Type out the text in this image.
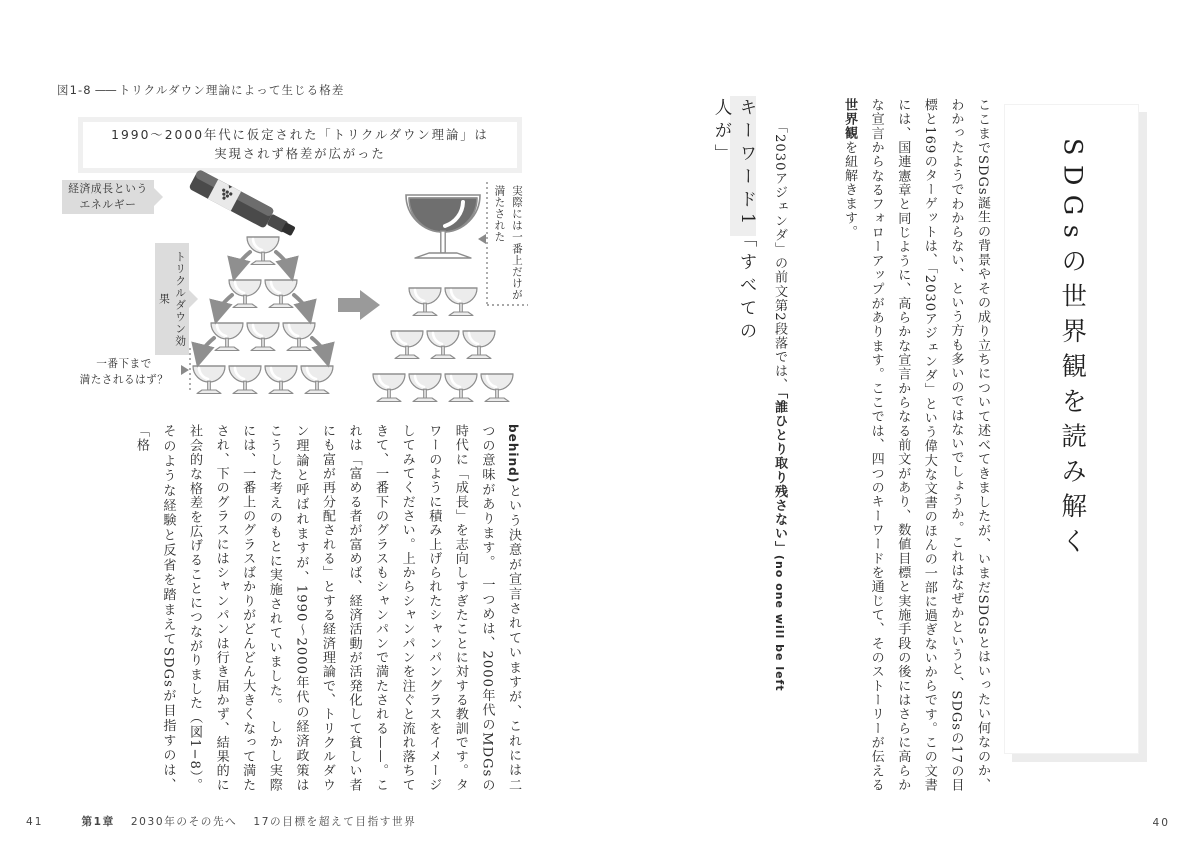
図1-8 —— トリクルダウン理論によって生じる格差
1990〜2000年代に仮定された「トリクルダウン理論」は
実現されず格差が広がった
経済成長という
エネルギー
トリクルダウン効果
一番下まで
満たされるはず？
実際には一番上だけが満たされた
behind)という決意が宣言されていますが、これには二つの意味があります。　一つめは、2000年代のMDGsの時代に「成長」を志向しすぎたことに対する教訓です。タワーのように積み上げられたシャンパングラスをイメージしてみてください。上からシャンパンを注ぐと流れ落ちてきて、一番下のグラスもシャンパンで満たされる——。これは「富める者が富めば、経済活動が活発化して貧しい者にも富が再分配される」とする経済理論で、トリクルダウン理論と呼ばれますが、1990〜2000年代の経済政策はこうした考えのもとに実施されていました。　しかし実際には、一番上のグラスばかりがどんどん大きくなって満たされ、下のグラスにはシャンパンは行き届かず、結果的に社会的な格差を広げることにつながりました（図1−8）。そのような経験と反省を踏まえてSDGsが目指すのは、「格
41	第1章 2030年のその先へ 17の目標を超えて目指す世界
キーワード1「すべての人が」	「2030アジェンダ」の前文第2段落では、「誰ひとり取り残さない」(no one will be left	ここまでSDGs誕生の背景やその成り立ちについて述べてきましたが、いまだSDGsとはいったい何なのか、わかったようでわからない、という方も多いのではないでしょうか。これはなぜかというと、SDGsの17の目標と169のターゲットは、「2030アジェンダ」という偉大な文書のほんの一部に過ぎないからです。この文書には、国連憲章と同じように、高らかな宣言からなる前文があり、数値目標と実施手段の後にはさらに高らかな宣言からなるフォローアップがあります。ここでは、四つのキーワードを通じて、そのストーリーが伝える世界観を紐解きます。
40
SDGsの世界観を読み解く
